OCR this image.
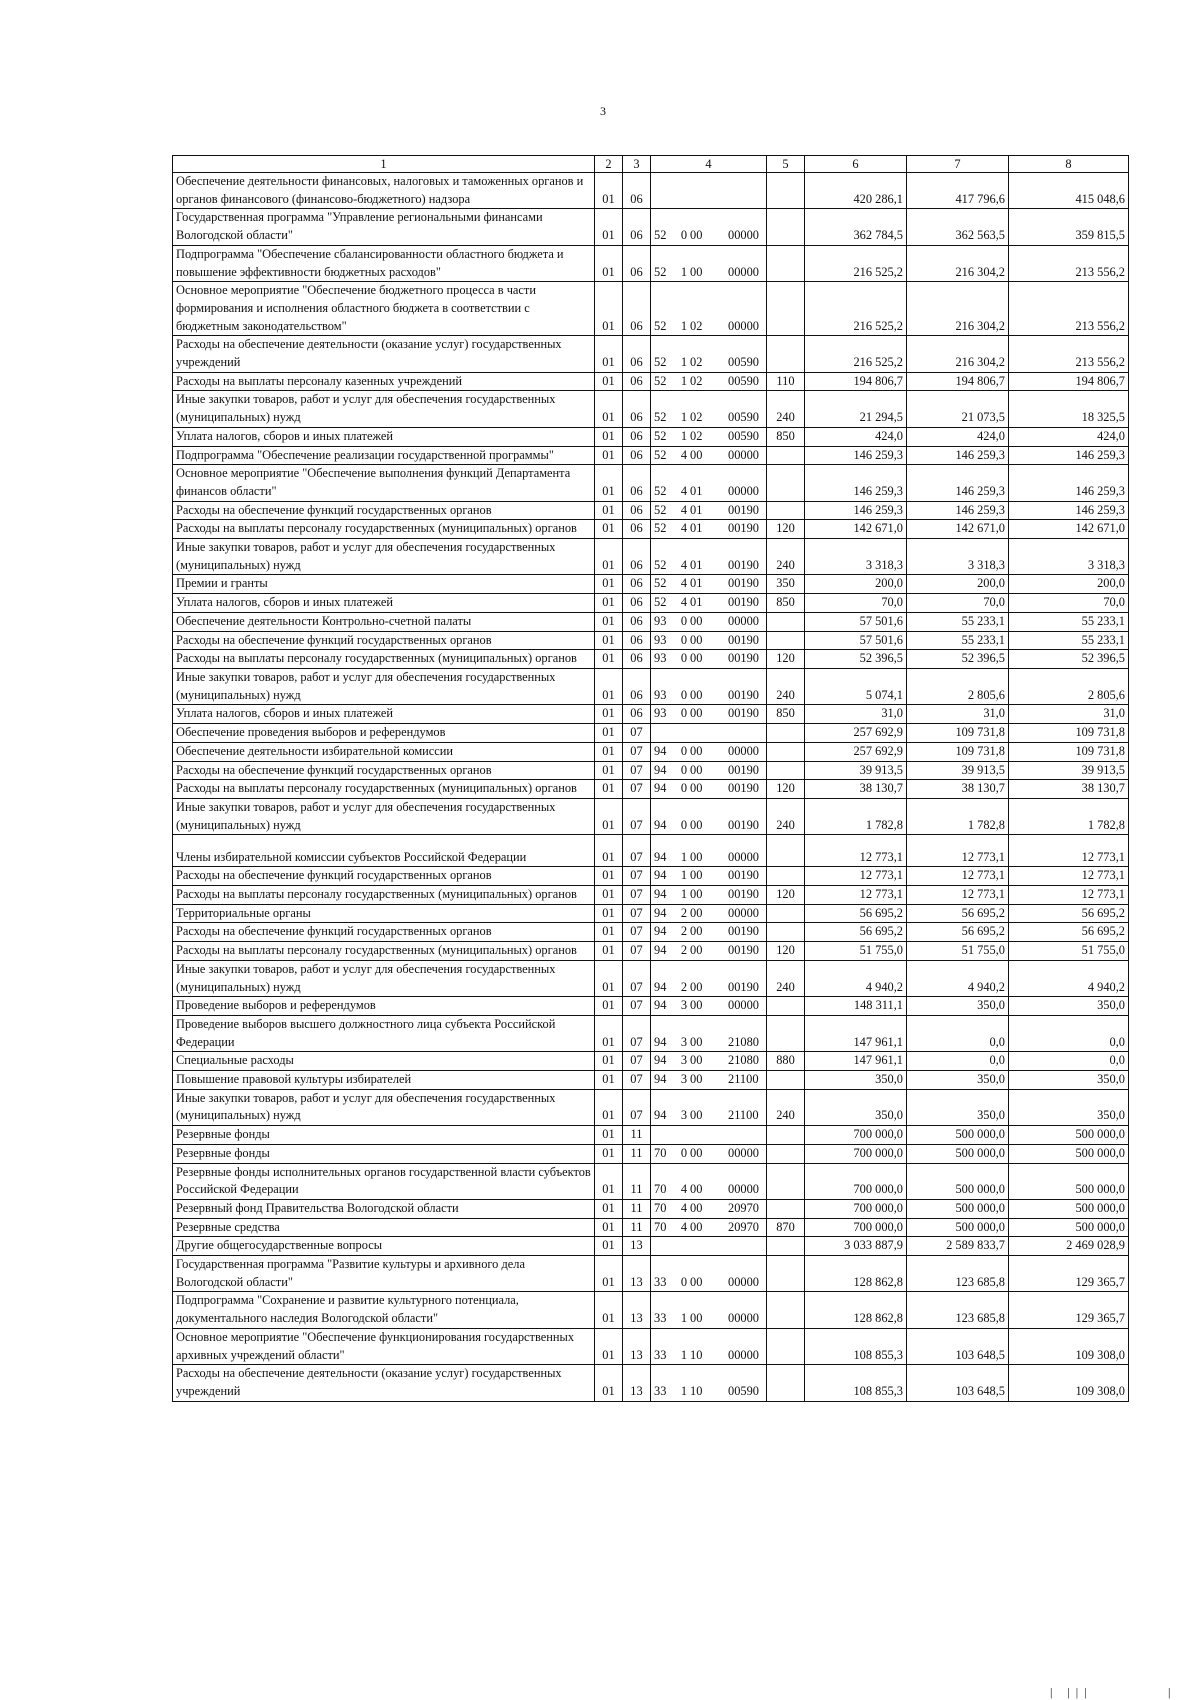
3
1	2	3	4	5	6	7	8
Обеспечение деятельности финансовых, налоговых и таможенных органов и органов финансового (финансово-бюджетного) надзора	01	06			420 286,1	417 796,6	415 048,6
Государственная программа "Управление региональными финансами Вологодской области"	01	06	52 0 00 00000		362 784,5	362 563,5	359 815,5
Подпрограмма "Обеспечение сбалансированности областного бюджета и повышение эффективности бюджетных расходов"	01	06	52 1 00 00000		216 525,2	216 304,2	213 556,2
Основное мероприятие "Обеспечение бюджетного процесса в части формирования и исполнения областного бюджета в соответствии с бюджетным законодательством"	01	06	52 1 02 00000		216 525,2	216 304,2	213 556,2
Расходы на обеспечение деятельности (оказание услуг) государственных учреждений	01	06	52 1 02 00590		216 525,2	216 304,2	213 556,2
Расходы на выплаты персоналу казенных учреждений	01	06	52 1 02 00590	110	194 806,7	194 806,7	194 806,7
Иные закупки товаров, работ и услуг для обеспечения государственных (муниципальных) нужд	01	06	52 1 02 00590	240	21 294,5	21 073,5	18 325,5
Уплата налогов, сборов и иных платежей	01	06	52 1 02 00590	850	424,0	424,0	424,0
Подпрограмма "Обеспечение реализации государственной программы"	01	06	52 4 00 00000		146 259,3	146 259,3	146 259,3
Основное мероприятие "Обеспечение выполнения функций Департамента финансов области"	01	06	52 4 01 00000		146 259,3	146 259,3	146 259,3
Расходы на обеспечение функций государственных органов	01	06	52 4 01 00190		146 259,3	146 259,3	146 259,3
Расходы на выплаты персоналу государственных (муниципальных) органов	01	06	52 4 01 00190	120	142 671,0	142 671,0	142 671,0
Иные закупки товаров, работ и услуг для обеспечения государственных (муниципальных) нужд	01	06	52 4 01 00190	240	3 318,3	3 318,3	3 318,3
Премии и гранты	01	06	52 4 01 00190	350	200,0	200,0	200,0
Уплата налогов, сборов и иных платежей	01	06	52 4 01 00190	850	70,0	70,0	70,0
Обеспечение деятельности Контрольно-счетной палаты	01	06	93 0 00 00000		57 501,6	55 233,1	55 233,1
Расходы на обеспечение функций государственных органов	01	06	93 0 00 00190		57 501,6	55 233,1	55 233,1
Расходы на выплаты персоналу государственных (муниципальных) органов	01	06	93 0 00 00190	120	52 396,5	52 396,5	52 396,5
Иные закупки товаров, работ и услуг для обеспечения государственных (муниципальных) нужд	01	06	93 0 00 00190	240	5 074,1	2 805,6	2 805,6
Уплата налогов, сборов и иных платежей	01	06	93 0 00 00190	850	31,0	31,0	31,0
Обеспечение проведения выборов и референдумов	01	07			257 692,9	109 731,8	109 731,8
Обеспечение деятельности избирательной комиссии	01	07	94 0 00 00000		257 692,9	109 731,8	109 731,8
Расходы на обеспечение функций государственных органов	01	07	94 0 00 00190		39 913,5	39 913,5	39 913,5
Расходы на выплаты персоналу государственных (муниципальных) органов	01	07	94 0 00 00190	120	38 130,7	38 130,7	38 130,7
Иные закупки товаров, работ и услуг для обеспечения государственных (муниципальных) нужд	01	07	94 0 00 00190	240	1 782,8	1 782,8	1 782,8
Члены избирательной комиссии субъектов Российской Федерации	01	07	94 1 00 00000		12 773,1	12 773,1	12 773,1
Расходы на обеспечение функций государственных органов	01	07	94 1 00 00190		12 773,1	12 773,1	12 773,1
Расходы на выплаты персоналу государственных (муниципальных) органов	01	07	94 1 00 00190	120	12 773,1	12 773,1	12 773,1
Территориальные органы	01	07	94 2 00 00000		56 695,2	56 695,2	56 695,2
Расходы на обеспечение функций государственных органов	01	07	94 2 00 00190		56 695,2	56 695,2	56 695,2
Расходы на выплаты персоналу государственных (муниципальных) органов	01	07	94 2 00 00190	120	51 755,0	51 755,0	51 755,0
Иные закупки товаров, работ и услуг для обеспечения государственных (муниципальных) нужд	01	07	94 2 00 00190	240	4 940,2	4 940,2	4 940,2
Проведение выборов и референдумов	01	07	94 3 00 00000		148 311,1	350,0	350,0
Проведение выборов высшего должностного лица субъекта Российской Федерации	01	07	94 3 00 21080		147 961,1	0,0	0,0
Специальные расходы	01	07	94 3 00 21080	880	147 961,1	0,0	0,0
Повышение правовой культуры избирателей	01	07	94 3 00 21100		350,0	350,0	350,0
Иные закупки товаров, работ и услуг для обеспечения государственных (муниципальных) нужд	01	07	94 3 00 21100	240	350,0	350,0	350,0
Резервные фонды	01	11			700 000,0	500 000,0	500 000,0
Резервные фонды	01	11	70 0 00 00000		700 000,0	500 000,0	500 000,0
Резервные фонды исполнительных органов государственной власти субъектов Российской Федерации	01	11	70 4 00 00000		700 000,0	500 000,0	500 000,0
Резервный фонд Правительства Вологодской области	01	11	70 4 00 20970		700 000,0	500 000,0	500 000,0
Резервные средства	01	11	70 4 00 20970	870	700 000,0	500 000,0	500 000,0
Другие общегосударственные вопросы	01	13			3 033 887,9	2 589 833,7	2 469 028,9
Государственная программа "Развитие культуры и архивного дела Вологодской области"	01	13	33 0 00 00000		128 862,8	123 685,8	129 365,7
Подпрограмма "Сохранение и развитие культурного потенциала, документального наследия Вологодской области"	01	13	33 1 00 00000		128 862,8	123 685,8	129 365,7
Основное мероприятие "Обеспечение функционирования государственных архивных учреждений области"	01	13	33 1 10 00000		108 855,3	103 648,5	109 308,0
Расходы на обеспечение деятельности (оказание услуг) государственных учреждений	01	13	33 1 10 00590		108 855,3	103 648,5	109 308,0
| |||	|
